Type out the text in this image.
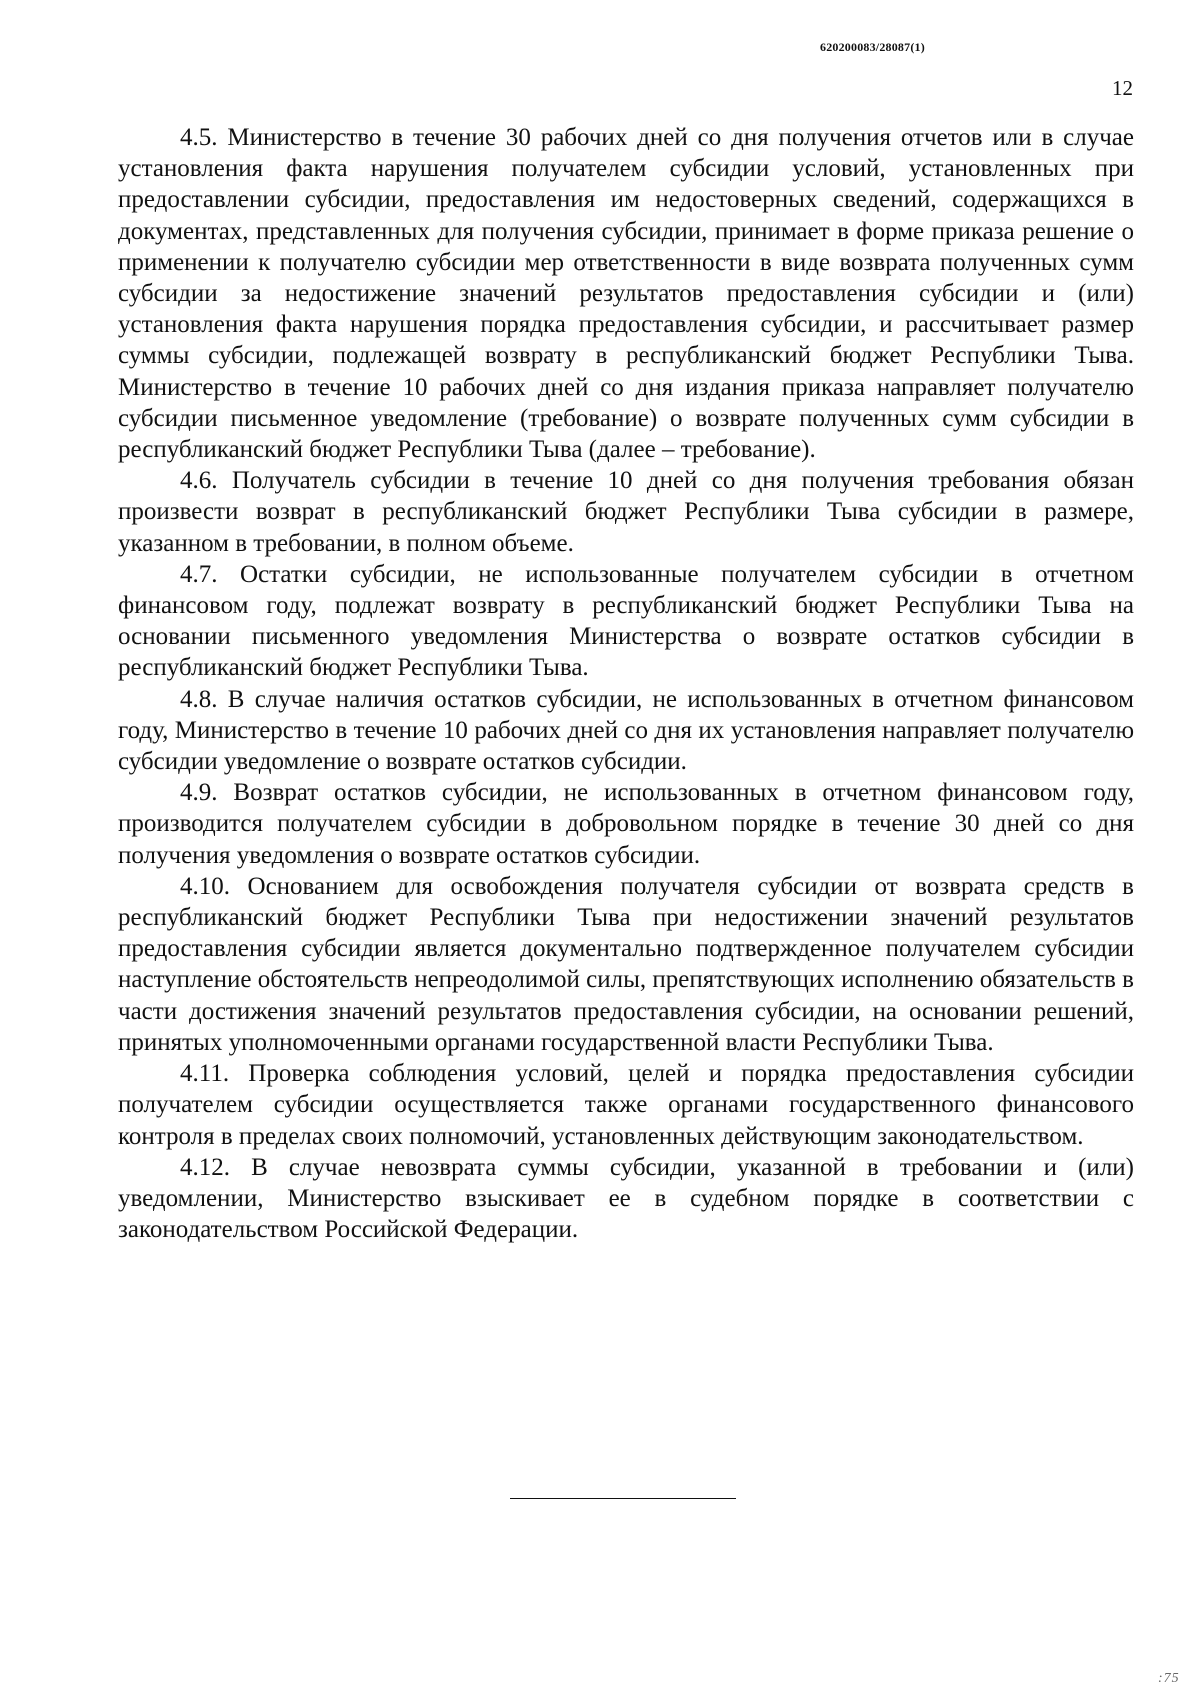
620200083/28087(1)
12

4.5. Министерство в течение 30 рабочих дней со дня получения отчетов или в случае установления факта нарушения получателем субсидии условий, установленных при предоставлении субсидии, предоставления им недостоверных сведений, содержащихся в документах, представленных для получения субсидии, принимает в форме приказа решение о применении к получателю субсидии мер ответственности в виде возврата полученных сумм субсидии за недостижение значений результатов предоставления субсидии и (или) установления факта нарушения порядка предоставления субсидии, и рассчитывает размер суммы субсидии, подлежащей возврату в республиканский бюджет Республики Тыва. Министерство в течение 10 рабочих дней со дня издания приказа направляет получателю субсидии письменное уведомление (требование) о возврате полученных сумм субсидии в республиканский бюджет Республики Тыва (далее – требование).

4.6. Получатель субсидии в течение 10 дней со дня получения требования обязан произвести возврат в республиканский бюджет Республики Тыва субсидии в размере, указанном в требовании, в полном объеме.

4.7. Остатки субсидии, не использованные получателем субсидии в отчетном финансовом году, подлежат возврату в республиканский бюджет Республики Тыва на основании письменного уведомления Министерства о возврате остатков субсидии в республиканский бюджет Республики Тыва.

4.8. В случае наличия остатков субсидии, не использованных в отчетном финансовом году, Министерство в течение 10 рабочих дней со дня их установления направляет получателю субсидии уведомление о возврате остатков субсидии.

4.9. Возврат остатков субсидии, не использованных в отчетном финансовом году, производится получателем субсидии в добровольном порядке в течение 30 дней со дня получения уведомления о возврате остатков субсидии.

4.10. Основанием для освобождения получателя субсидии от возврата средств в республиканский бюджет Республики Тыва при недостижении значений результатов предоставления субсидии является документально подтвержденное получателем субсидии наступление обстоятельств непреодолимой силы, препятствующих исполнению обязательств в части достижения значений результатов предоставления субсидии, на основании решений, принятых уполномоченными органами государственной власти Республики Тыва.

4.11. Проверка соблюдения условий, целей и порядка предоставления субсидии получателем субсидии осуществляется также органами государственного финансового контроля в пределах своих полномочий, установленных действующим законодательством.

4.12. В случае невозврата суммы субсидии, указанной в требовании и (или) уведомлении, Министерство взыскивает ее в судебном порядке в соответствии с законодательством Российской Федерации.

:75
